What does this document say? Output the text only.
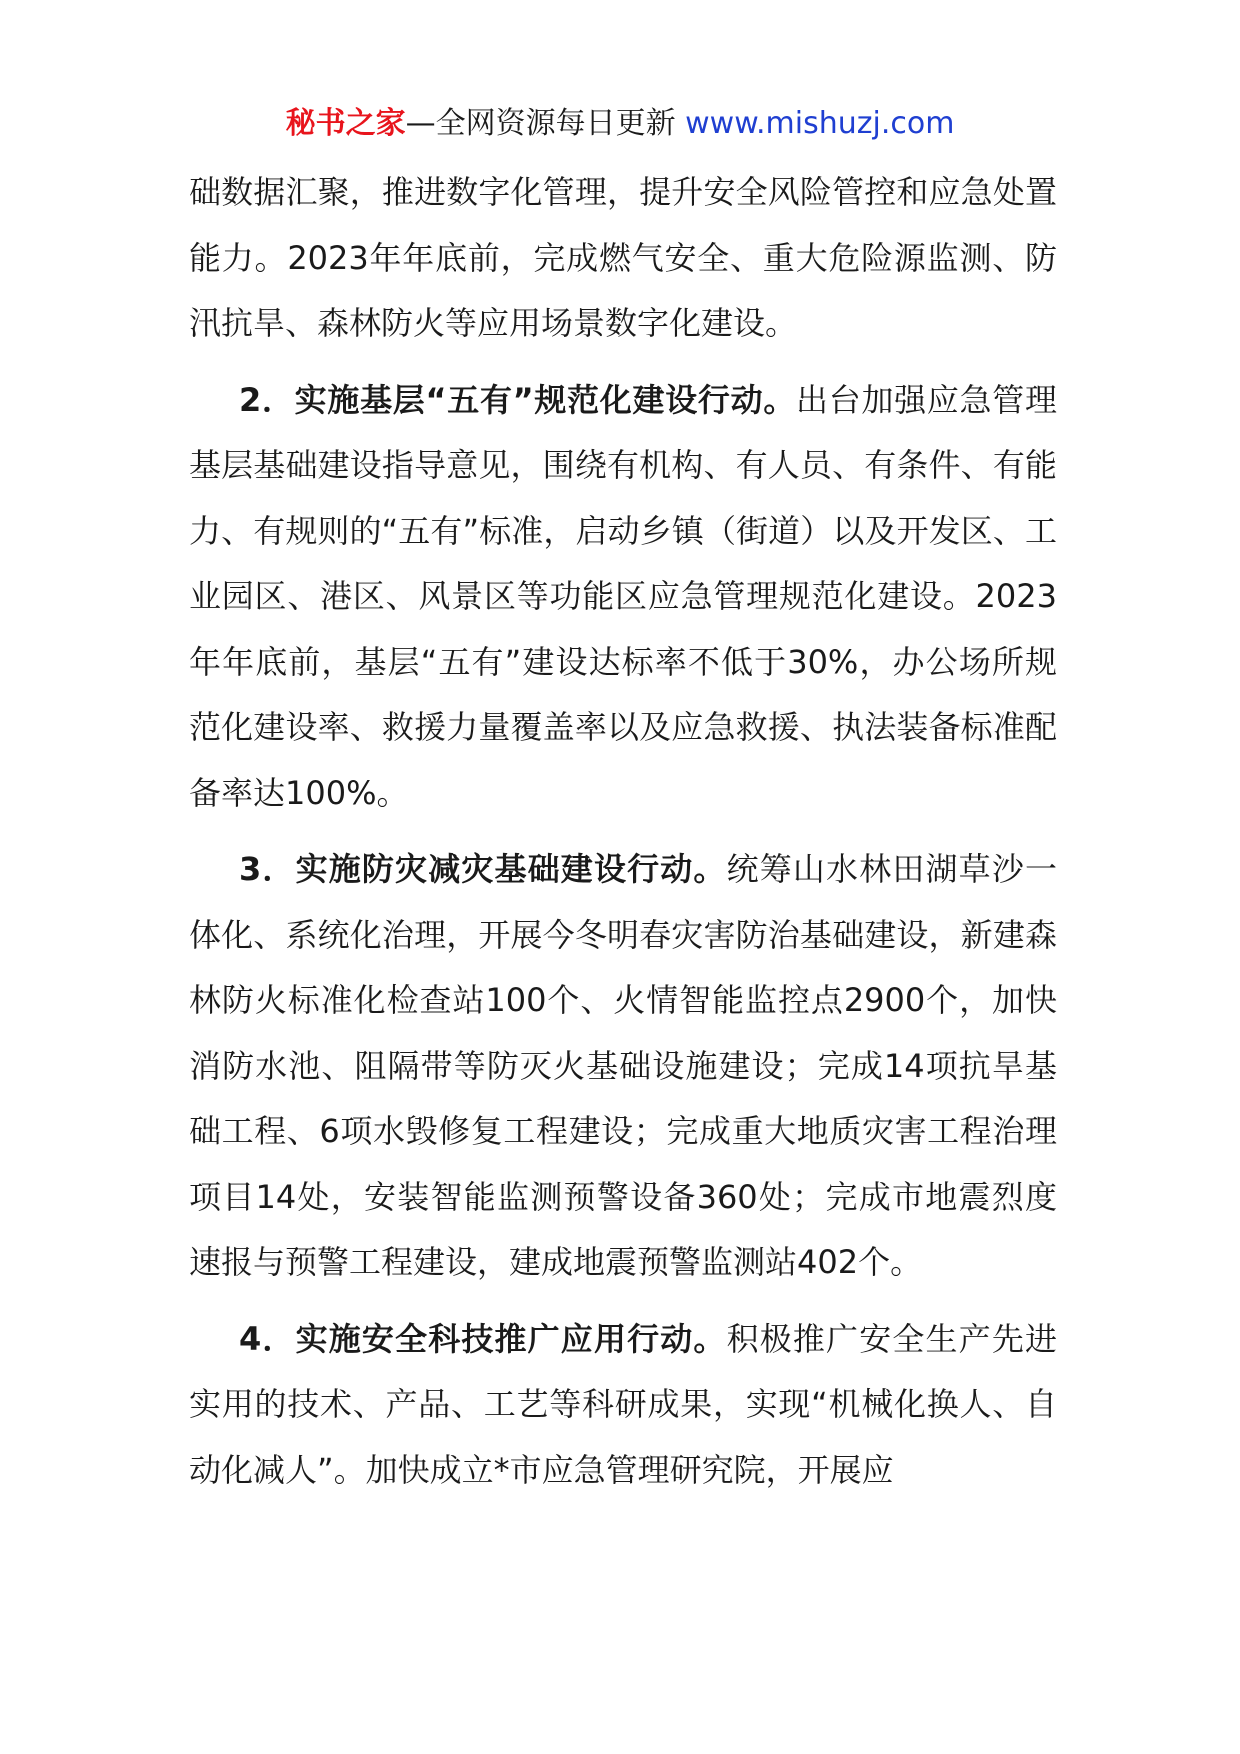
秘书之家—全网资源每日更新 www.mishuzj.com

础数据汇聚，推进数字化管理，提升安全风险管控和应急处置能力。2023年年底前，完成燃气安全、重大危险源监测、防汛抗旱、森林防火等应用场景数字化建设。

2．实施基层“五有”规范化建设行动。出台加强应急管理基层基础建设指导意见，围绕有机构、有人员、有条件、有能力、有规则的“五有”标准，启动乡镇（街道）以及开发区、工业园区、港区、风景区等功能区应急管理规范化建设。2023年年底前，基层“五有”建设达标率不低于30%，办公场所规范化建设率、救援力量覆盖率以及应急救援、执法装备标准配备率达100%。

3．实施防灾减灾基础建设行动。统筹山水林田湖草沙一体化、系统化治理，开展今冬明春灾害防治基础建设，新建森林防火标准化检查站100个、火情智能监控点2900个，加快消防水池、阻隔带等防灭火基础设施建设；完成14项抗旱基础工程、6项水毁修复工程建设；完成重大地质灾害工程治理项目14处，安装智能监测预警设备360处；完成市地震烈度速报与预警工程建设，建成地震预警监测站402个。

4．实施安全科技推广应用行动。积极推广安全生产先进实用的技术、产品、工艺等科研成果，实现“机械化换人、自动化减人”。加快成立*市应急管理研究院，开展应
